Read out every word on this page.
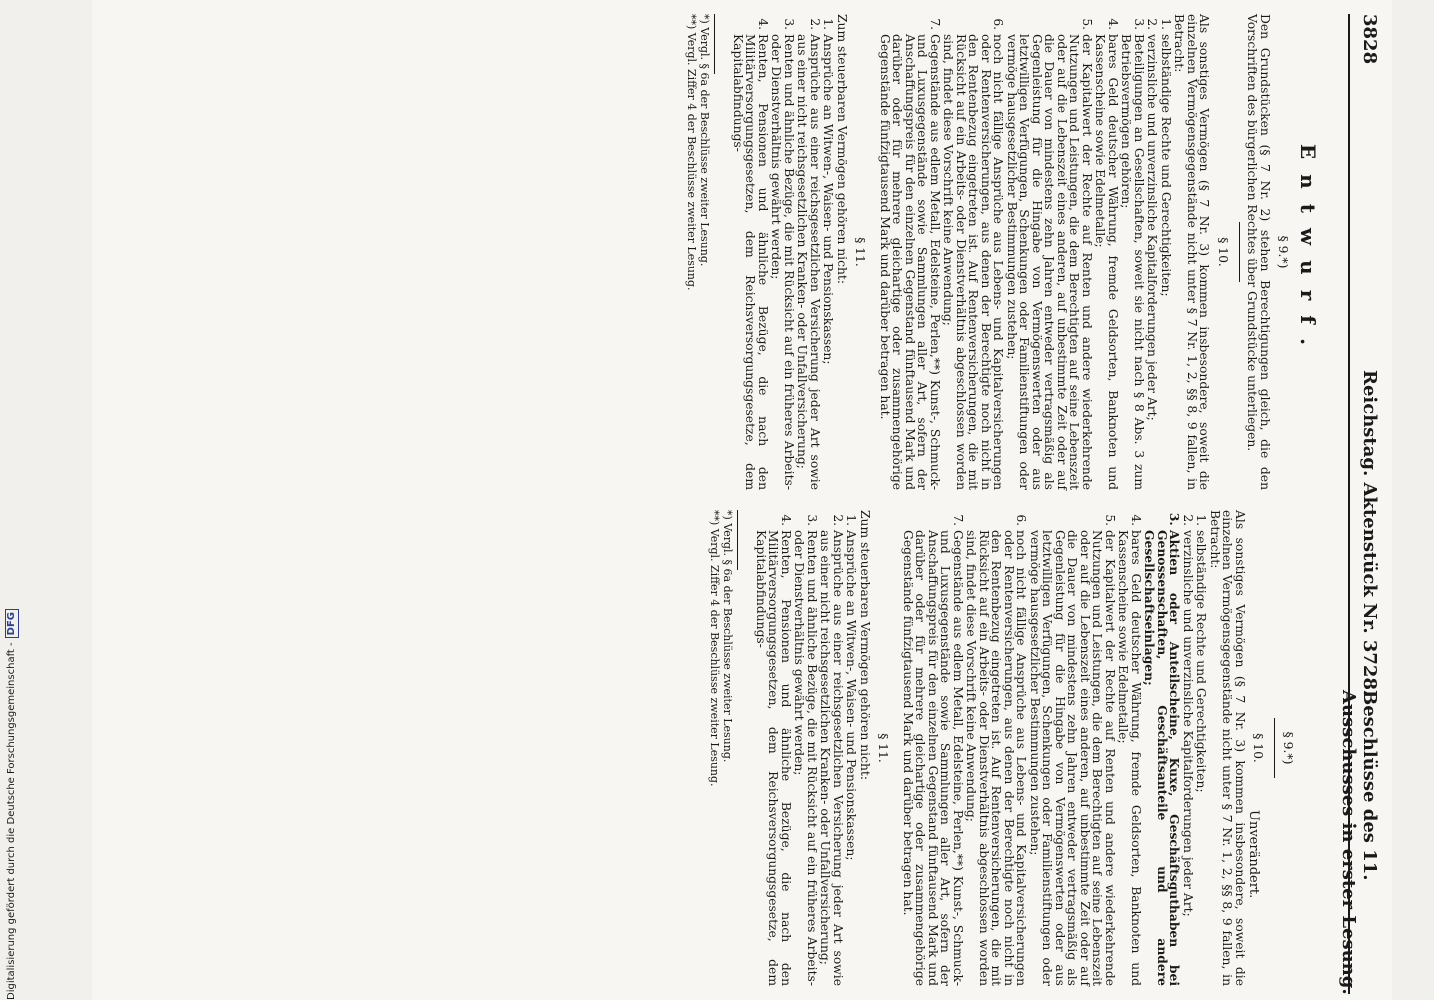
3828
Reichstag. Aktenstück Nr. 3728.
Beschlüsse des 11. Ausschusses in erster Lesung.
Entwurf.
§ 9.*)

Den Grundstücken (§ 7 Nr. 2) stehen Berechtigungen gleich, die den Vorschriften des bürgerlichen Rechtes über Grundstücke unterliegen.

§ 10.

Als sonstiges Vermögen (§ 7 Nr. 3) kommen insbesondere, soweit die einzelnen Vermögensgegenstände nicht unter § 7 Nr. 1, 2, §§ 8, 9 fallen, in Betracht:

1. selbständige Rechte und Gerechtigkeiten;
2. verzinsliche und unverzinsliche Kapitalforderungen jeder Art;
3. Beteiligungen an Gesellschaften, soweit sie nicht nach § 8 Abs. 3 zum Betriebsvermögen gehören;
4. bares Geld deutscher Währung, fremde Geldsorten, Banknoten und Kassenscheine sowie Edelmetalle;
5. der Kapitalwert der Rechte auf Renten und andere wiederkehrende Nutzungen und Leistungen, die dem Berechtigten auf seine Lebenszeit oder auf die Lebenszeit eines anderen, auf unbestimmte Zeit oder auf die Dauer von mindestens zehn Jahren entweder vertragsmäßig als Gegenleistung für die Hingabe von Vermögenswerten oder aus letztwilligen Verfügungen, Schenkungen oder Familienstiftungen oder vermöge hausgesetzlicher Bestimmungen zustehen;
6. noch nicht fällige Ansprüche aus Lebens- und Kapitalversicherungen oder Rentenversicherungen, aus denen der Berechtigte noch nicht in den Rentenbezug eingetreten ist. Auf Rentenversicherungen, die mit Rücksicht auf ein Arbeits- oder Dienstverhältnis abgeschlossen worden sind, findet diese Vorschrift keine Anwendung;
7. Gegenstände aus edlem Metall, Edelsteine, Perlen,**) Kunst-, Schmuck- und Luxusgegenstände sowie Sammlungen aller Art, sofern der Anschaffungspreis für den einzelnen Gegenstand fünftausend Mark und darüber oder für mehrere gleichartige oder zusammengehörige Gegenstände fünfzigtausend Mark und darüber betragen hat.
§ 11.

Zum steuerbaren Vermögen gehören nicht:

1. Ansprüche an Witwen-, Waisen- und Pensionskassen;
2. Ansprüche aus einer reichsgesetzlichen Versicherung jeder Art sowie aus einer nicht reichsgesetzlichen Kranken- oder Unfallversicherung;
3. Renten und ähnliche Bezüge, die mit Rücksicht auf ein früheres Arbeits- oder Dienstverhältnis gewährt werden;
4. Renten, Pensionen und ähnliche Bezüge, die nach den Militärversorgungsgesetzen, dem Reichsversorgungsgesetze, dem Kapitalabfindungs-

*) Vergl. § 6a der Beschlüsse zweiter Lesung.

**) Vergl. Ziffer 4 der Beschlüsse zweiter Lesung.

Unverändert.
§ 9.*)
§ 10.

Als sonstiges Vermögen (§ 7 Nr. 3) kommen insbesondere, soweit die einzelnen Vermögensgegenstände nicht unter § 7 Nr. 1, 2, §§ 8, 9 fallen, in Betracht:

1. selbständige Rechte und Gerechtigkeiten;
2. verzinsliche und unverzinsliche Kapitalforderungen jeder Art;
3. Aktien oder Anteilscheine, Kuxe, Geschäftsguthaben bei Genossenschaften, Geschäftsanteile und andere Gesellschaftseinlagen;
4. bares Geld deutscher Währung, fremde Geldsorten, Banknoten und Kassenscheine sowie Edelmetalle;
5. der Kapitalwert der Rechte auf Renten und andere wiederkehrende Nutzungen und Leistungen, die dem Berechtigten auf seine Lebenszeit oder auf die Lebenszeit eines anderen, auf unbestimmte Zeit oder auf die Dauer von mindestens zehn Jahren entweder vertragsmäßig als Gegenleistung für die Hingabe von Vermögenswerten oder aus letztwilligen Verfügungen, Schenkungen oder Familienstiftungen oder vermöge hausgesetzlicher Bestimmungen zustehen;
6. noch nicht fällige Ansprüche aus Lebens- und Kapitalversicherungen oder Rentenversicherungen, aus denen der Berechtigte noch nicht in den Rentenbezug eingetreten ist. Auf Rentenversicherungen, die mit Rücksicht auf ein Arbeits- oder Dienstverhältnis abgeschlossen worden sind, findet diese Vorschrift keine Anwendung;
7. Gegenstände aus edlem Metall, Edelsteine, Perlen,**) Kunst-, Schmuck- und Luxusgegenstände sowie Sammlungen aller Art, sofern der Anschaffungspreis für den einzelnen Gegenstand fünftausend Mark und darüber oder für mehrere gleichartige oder zusammengehörige Gegenstände fünfzigtausend Mark und darüber betragen hat.
§ 11.

Zum steuerbaren Vermögen gehören nicht:

1. Ansprüche an Witwen-, Waisen- und Pensionskassen;
2. Ansprüche aus einer reichsgesetzlichen Versicherung jeder Art sowie aus einer nicht reichsgesetzlichen Kranken- oder Unfallversicherung;
3. Renten und ähnliche Bezüge, die mit Rücksicht auf ein früheres Arbeits- oder Dienstverhältnis gewährt werden;
4. Renten, Pensionen und ähnliche Bezüge, die nach den Militärversorgungsgesetzen, dem Reichsversorgungsgesetze, dem Kapitalabfindungs-

*) Vergl. § 6a der Beschlüsse zweiter Lesung.

**) Vergl. Ziffer 4 der Beschlüsse zweiter Lesung.

Digitalisierung gefördert durch die Deutsche Forschungsgemeinschaft -DFG
